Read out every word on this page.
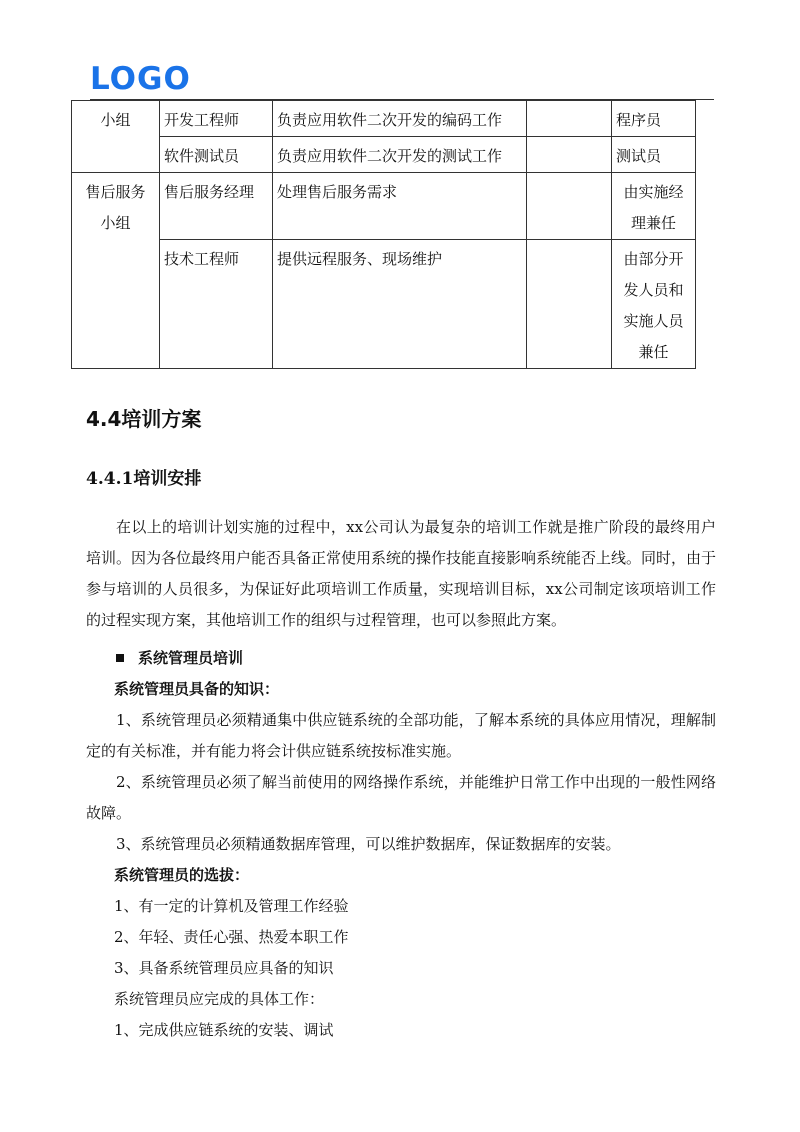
LOGO
小组	开发工程师	负责应用软件二次开发的编码工作		程序员
	软件测试员	负责应用软件二次开发的测试工作		测试员

售后服务
小组	售后服务经理	处理售后服务需求		由实施经
理兼任

	技术工程师	提供远程服务、现场维护		由部分开
发人员和
实施人员
兼任
4.4培训方案
4.4.1培训安排

在以上的培训计划实施的过程中，xx公司认为最复杂的培训工作就是推广阶段的最终用户培训。因为各位最终用户能否具备正常使用系统的操作技能直接影响系统能否上线。同时，由于参与培训的人员很多，为保证好此项培训工作质量，实现培训目标，xx公司制定该项培训工作的过程实现方案，其他培训工作的组织与过程管理，也可以参照此方案。

系统管理员培训

系统管理员具备的知识：

1、系统管理员必须精通集中供应链系统的全部功能，了解本系统的具体应用情况，理解制定的有关标准，并有能力将会计供应链系统按标准实施。

2、系统管理员必须了解当前使用的网络操作系统，并能维护日常工作中出现的一般性网络故障。

3、系统管理员必须精通数据库管理，可以维护数据库，保证数据库的安装。

系统管理员的选拔：

1、有一定的计算机及管理工作经验

2、年轻、责任心强、热爱本职工作

3、具备系统管理员应具备的知识

系统管理员应完成的具体工作：

1、完成供应链系统的安装、调试
